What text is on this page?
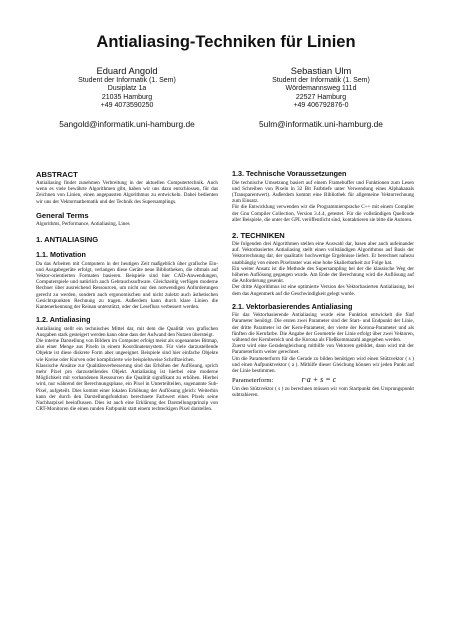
Antialiasing-Techniken für Linien
Eduard Angold
Student der Informatik (1. Sem)
Dusiplatz 1a
21035 Hamburg
+49 4073590250
5angold@informatik.uni-hamburg.de
Sebastian Ulm
Student der Informatik (1. Sem)
Wördemannsweg 111d
22527 Hamburg
+49 406792876-0
5ulm@informatik.uni-hamburg.de
ABSTRACT

Antialiasing findet zunehmen Verbreitung in der aktuellen Computertechnik. Auch wenn es viele bewährte Algorithmen gibt, haben wir uns dazu entschlossen, für das Zeichnen von Linien, einen angepassten Algorithmus zu entwickeln. Dabei bedienten wir uns der Vektormathematik und der Technik des Supersamplings.

General Terms

Algorithms, Performance, Antialiasing, Lines

1. ANTIALIASING
1.1. Motivation

Da das Arbeiten mit Computern in der heutigen Zeit maßgeblich über grafische Ein- und Ausgabegeräte erfolgt, verlangen diese Geräte neue Bibliotheken, die oftmals auf Vektor-orientierten Formaten basieren. Beispiele sind hier CAD-Anwendungen, Computerspiele und natürlich auch Gebrauchssoftware. Gleichzeitig verfügen moderne Rechner über ausreichend Ressourcen, um nicht nur den notwendigen Anforderungen gerecht zu werden, sondern auch ergonomischen und nicht zuletzt auch ästhetischen Gesichtspunkten Rechnung zu tragen. Außerdem kann durch klare Linien die Kantenerkennung der Reinan unterstützt, oder der Lesefluss verbessert werden.

1.2. Antialiasing

Antialiasing stellt ein technisches Mittel dar, mit dem die Qualität von grafischen Ausgaben stark gesteigert werden kann ohne dass der Aufwand den Nutzen übersteigt.

Die interne Darstellung von Bildern im Computer erfolgt meist als sogenanntes Bitmap, also einer Menge aus Pixeln in einem Koordinatensystem. Für viele darzustellende Objekte ist diese diskrete Form aber ungeeignet. Beispiele sind hier einfache Objekte wie Kreise oder Kurven oder komplizierte wie beispielsweise Schriftzeichen.

Klassische Ansätze zur Qualitätsverbesserung sind das Erhöhen der Auflösung, sprich mehr Pixel pro darzustellendes Objekt. Antialiasing ist hierbei eine moderne Möglichkeit mit vorhandenen Ressourcen die Qualität signifikant zu erhöhen. Hierbei wird, nur während der Berechnungsphase, ein Pixel in Unterteilteilen, sogenannte Sub-Pixel, aufgeteilt. Dies kommt einer lokalen Erhöhung der Auflösung gleich: Weiterhin kann der durch den Darstellungsfunktion berechnete Farbwert eines Pixels seine Nachbarpixel beeinflussen. Dies ist auch eine Erklärung des Darstellungsprinzip von CRT-Monitoren die einen runden Farbpunkt statt einem rechteckigen Pixel darstellen.

1.3. Technische Voraussetzungen

Die technische Umsetzung basiert auf einem Framebuffer und Funktionen zum Lesen und Schreiben von Pixeln in 32 Bit Farbtiefe unter Verwendung eines Alphakanals (Transparentwert). Außerdem kommt eine Bibliothek für allgemeine Vektorrechnung zum Einsatz.

Für die Entwicklung verwenden wir die Programmiersprache C++ mit einem Compiler der Gnu Compiler Collection, Version 3.4.4, getestet. Für die vollständigen Quellcode aller Beispiele, die unter der GPL veröffentlicht sind, kontaktieren sie bitte die Autoren.

2. TECHNIKEN

Die folgenden drei Algorithmen stellen eine Auswahl dar, basen aber auch aufeinander auf. Vektorbasiertes Antialiasing stellt einen vollständigen Algorithmus auf Basis der Vektorrechnung dar, der qualitativ hochwertige Ergebnisse liefert. Er berechnet nahezu unabhängig von einem Pixelraster was eine hohe Skalierbarkeit zur Folge hat.

Ein weiter Ansatz ist die Methode des Supersampling bei der die klassische Weg der höheren Auflösung gegangen wurde. Am Ende der Berechnung wird die Auflösung auf die Anforderung gesenkt.

Der dritte Algorithmus ist eine optimierte Version des Vektorbasierten Antialiasing, bei dem das Augenmerk auf die Geschwindigkeit gelegt wurde.

2.1. Vektorbasierendes Antialiasing

Für das Vektorbasierende Antialiasing wurde eine Funktion entwickelt die fünf Parameter benötigt. Die ersten zwei Parameter sind der Start- und Endpunkt der Linie, der dritte Parameter ist der Kern-Parameter, der vierte der Korona-Parameter und als fünften die Kernfarbe. Die Angabe der Geometrie der Linie erfolgt über zwei Vektoren, während der Kernbereich und die Korona als Fließkommazahl angegeben werden.

Zuerst wird eine Geradengleichung mithilfe von Vektoren gebildet, dann wird mit der Parameterform weiter gerechnet.

Um die Parameterform für die Gerade zu bilden benötigen wird einen Stützvektor ( s ) und einen Aufpunktvektor ( a ). Mithilfe dieser Gleichung können wir jeden Punkt auf der Linie bestimmen.

Parameterform:	r·a + s = c

Um den Stützvektor ( s ) zu berechnen müssen wir vom Startpunkt den Ursprungspunkt subtrahieren.
